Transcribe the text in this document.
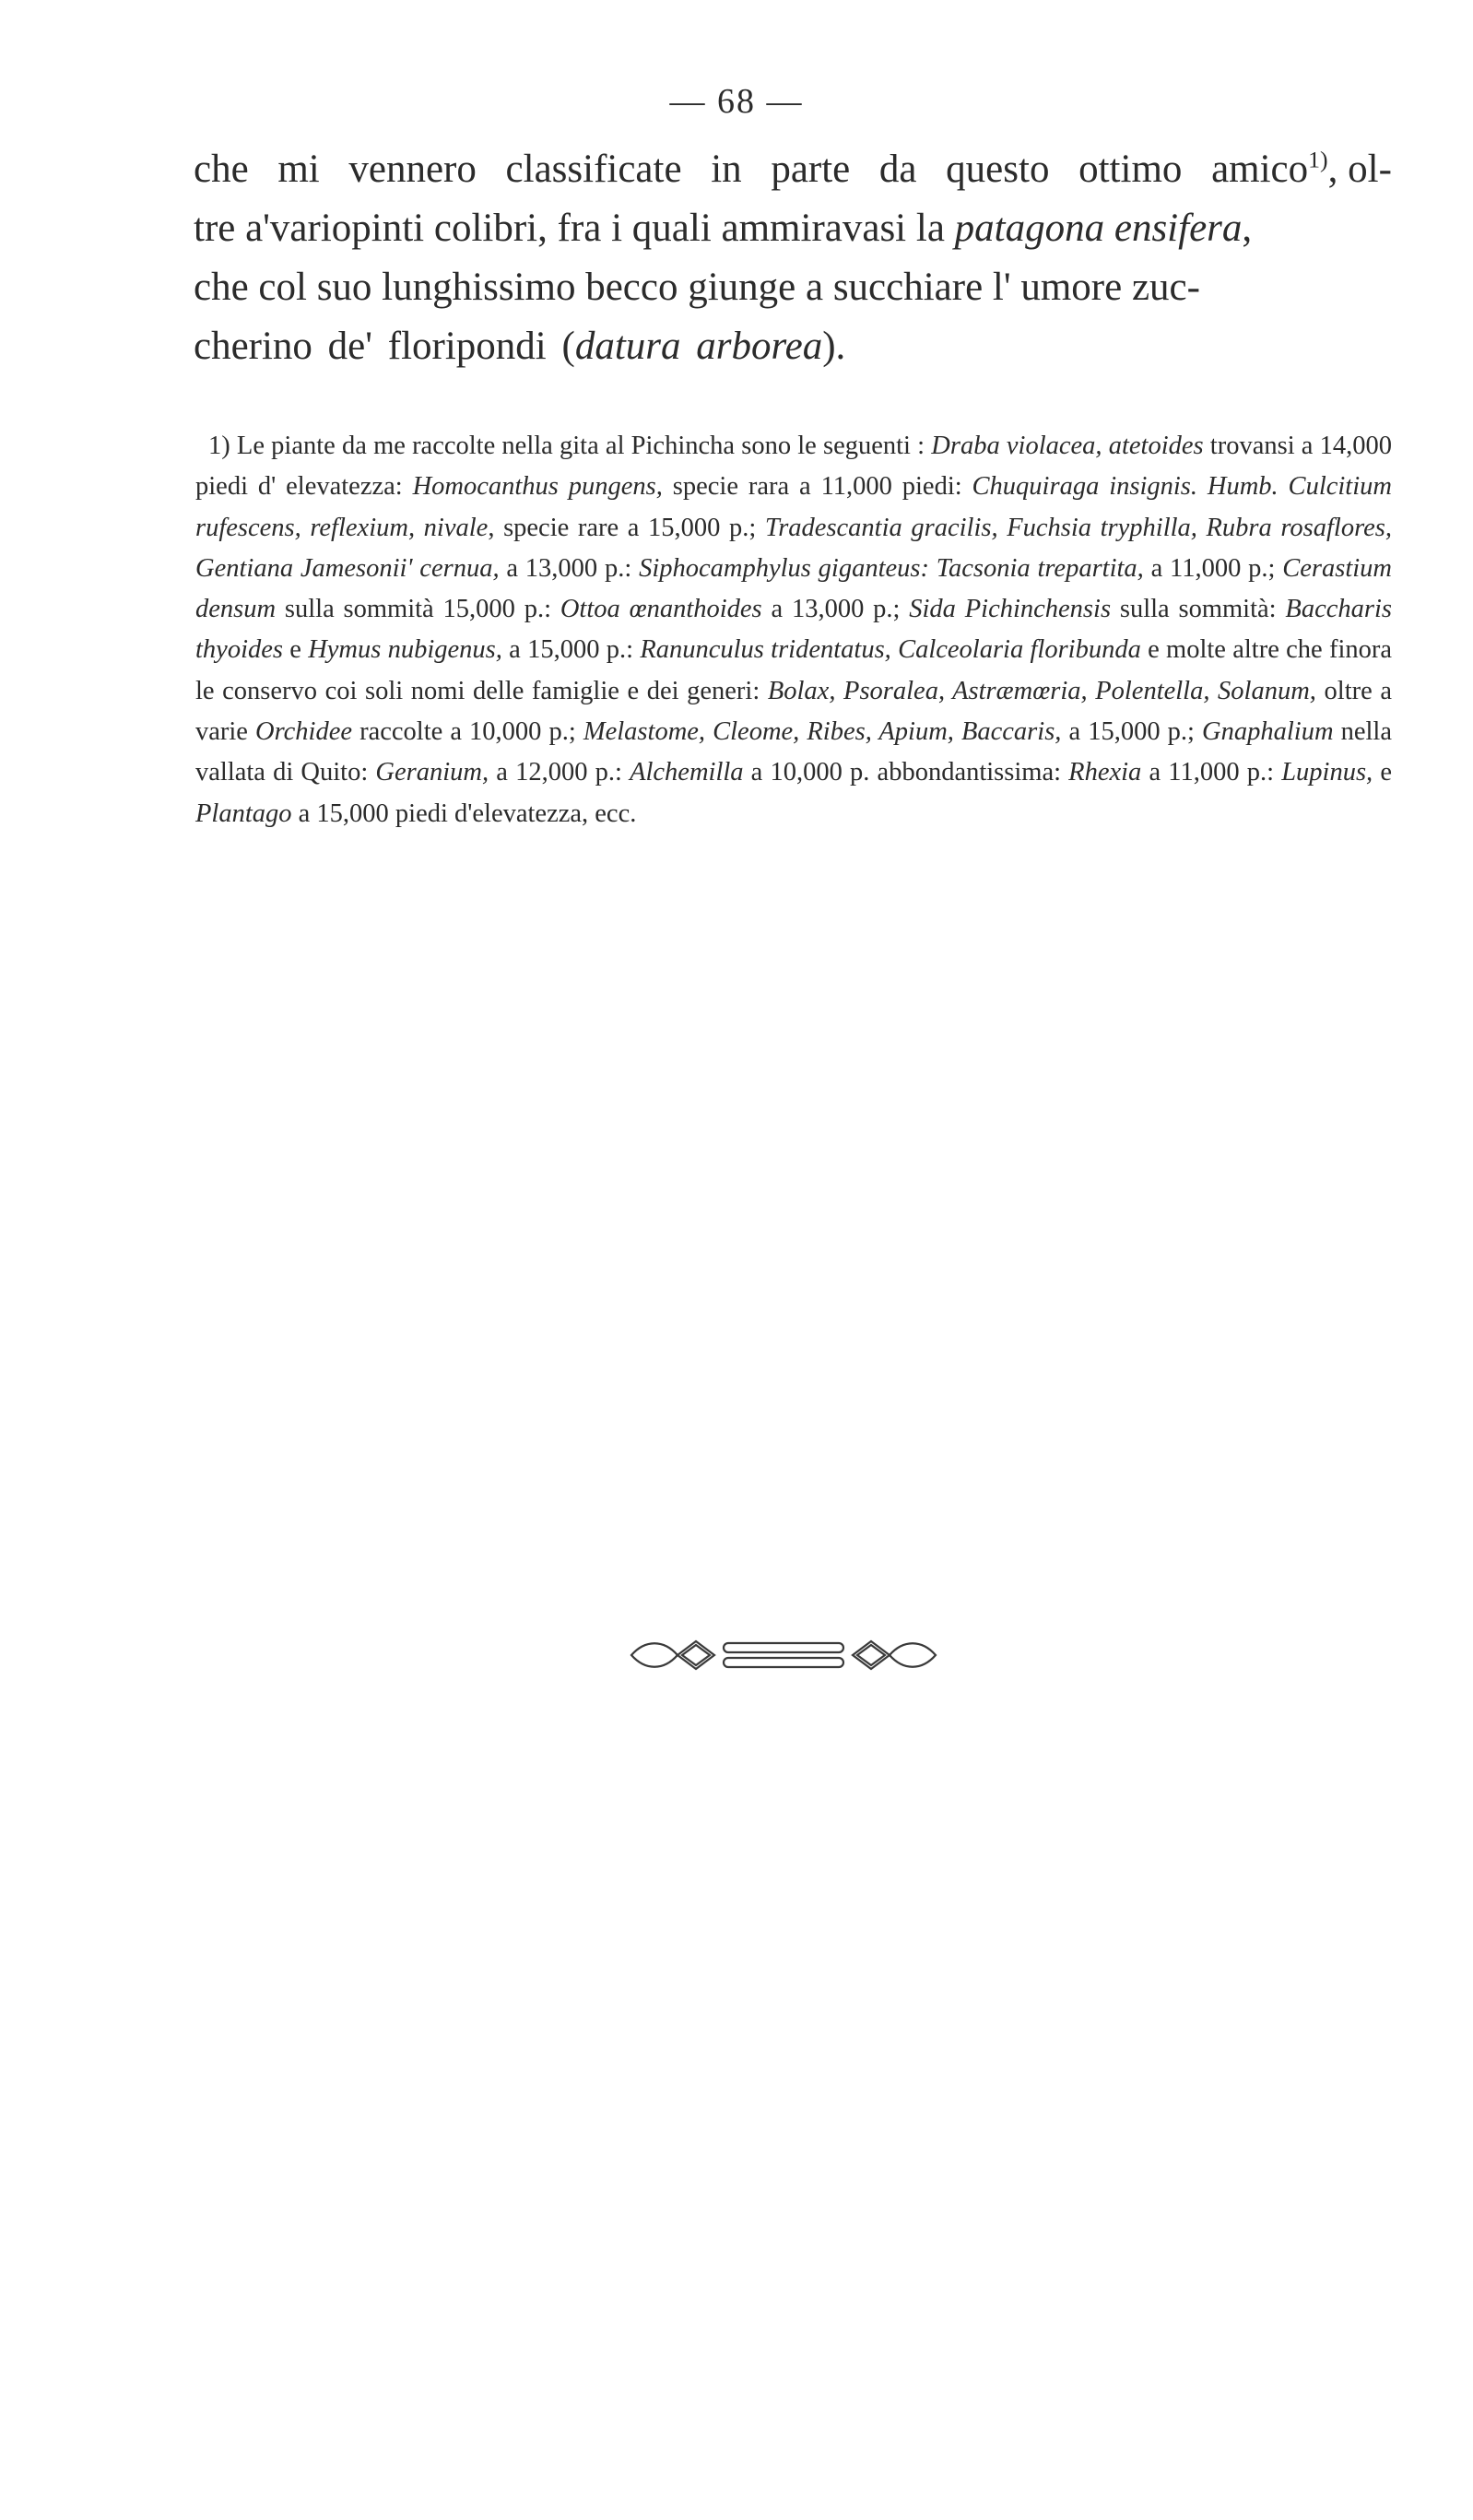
— 68 —
che mi vennero classificate in parte da questo ottimo amico$^{1)}$, ol-
tre a'variopinti colibri, fra i quali ammiravasi la patagona ensifera,
che col suo lunghissimo becco giunge a succhiare l' umore zuc-
cherino de' floripondi (datura arborea).
1) Le piante da me raccolte nella gita al Pichincha sono le seguenti : Draba violacea, atetoides trovansi a 14,000 piedi d' elevatezza: Homocanthus pungens, specie rara a 11,000 piedi: Chuquiraga insignis. Humb. Culcitium rufescens, reflexium, nivale, specie rare a 15,000 p.; Tradescantia gracilis, Fuchsia tryphilla, Rubra rosaflores, Gentiana Jamesonii' cernua, a 13,000 p.: Siphocamphylus giganteus: Tacsonia trepartita, a 11,000 p.; Cerastium densum sulla sommità 15,000 p.: Ottoa œnanthoides a 13,000 p.; Sida Pichinchensis sulla sommità: Baccharis thyoides e Hymus nubigenus, a 15,000 p.: Ranunculus tridentatus, Calceolaria floribunda e molte altre che finora le conservo coi soli nomi delle famiglie e dei generi: Bolax, Psoralea, Astræmœria, Polentella, Solanum, oltre a varie Orchidee raccolte a 10,000 p.; Melastome, Cleome, Ribes, Apium, Baccaris, a 15,000 p.; Gnaphalium nella vallata di Quito: Geranium, a 12,000 p.: Alchemilla a 10,000 p. abbondantissima: Rhexia a 11,000 p.: Lupinus, e Plantago a 15,000 piedi d'elevatezza, ecc.
